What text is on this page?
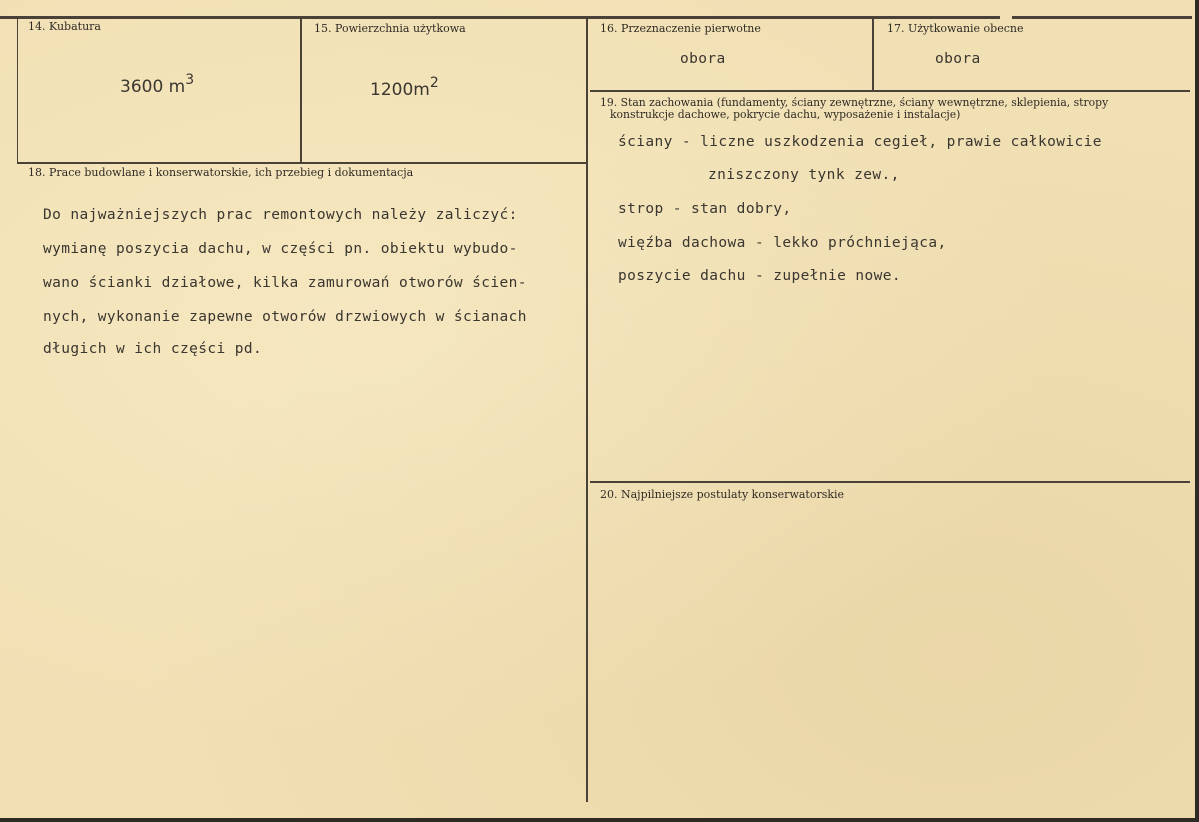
14. Kubatura
3600 $m^3$
15. Powierzchnia użytkowa
$1200m^2$
16. Przeznaczenie pierwotne
obora
17. Użytkowanie obecne
obora
18. Prace budowlane i konserwatorskie, ich przebieg i dokumentacja
Do najważniejszych prac remontowych należy zaliczyć:
wymianę poszycia dachu, w części pn. obiektu wybudo-
wano ścianki działowe, kilka zamurowań otworów ścien-
nych, wykonanie zapewne otworów drzwiowych w ścianach
długich w ich części pd.
19. Stan zachowania (fundamenty, ściany zewnętrzne, ściany wewnętrzne, sklepienia, stropy
konstrukcje dachowe, pokrycie dachu, wyposażenie i instalacje)
ściany - liczne uszkodzenia cegieł, prawie całkowicie
zniszczony tynk zew.,
strop - stan dobry,
więźba dachowa - lekko próchniejąca,
poszycie dachu - zupełnie nowe.
20. Najpilniejsze postulaty konserwatorskie
